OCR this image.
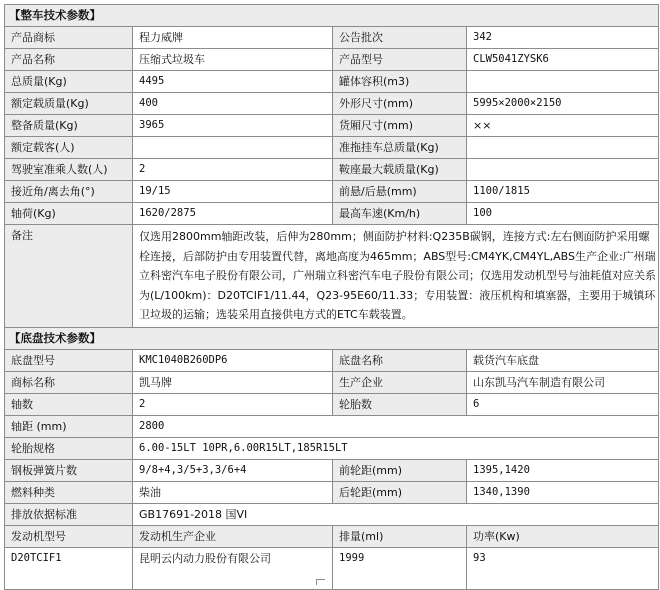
【整车技术参数】			
产品商标	程力威牌	公告批次	342
产品名称	压缩式垃圾车	产品型号	CLW5041ZYSK6
总质量(Kg)	4495	罐体容积(m3)	
额定载质量(Kg)	400	外形尺寸(mm)	5995×2000×2150
整备质量(Kg)	3965	货厢尺寸(mm)	××
额定载客(人)		准拖挂车总质量(Kg)	
驾驶室准乘人数(人)	2	鞍座最大载质量(Kg)	
接近角/离去角(°)	19/15	前悬/后悬(mm)	1100/1815
轴荷(Kg)	1620/2875	最高车速(Km/h)	100
备注	仅选用2800mm轴距改装，后伸为280mm；侧面防护材料:Q235B碳钢，连接方式:左右侧面防护采用螺栓连接，后部防护由专用装置代替，离地高度为465mm；ABS型号:CM4YK,CM4YL,ABS生产企业:广州瑞立科密汽车电子股份有限公司，广州瑞立科密汽车电子股份有限公司；仅选用发动机型号与油耗值对应关系为(L/100km)：D20TCIF1/11.44，Q23-95E60/11.33；专用装置：液压机构和填塞器，主要用于城镇环卫垃圾的运输；选装采用直接供电方式的ETC车载装置。		
【底盘技术参数】			
底盘型号	KMC1040B260DP6	底盘名称	载货汽车底盘
商标名称	凯马牌	生产企业	山东凯马汽车制造有限公司
轴数	2	轮胎数	6
轴距 (mm)	2800		
轮胎规格	6.00-15LT 10PR,6.00R15LT,185R15LT		
钢板弹簧片数	9/8+4,3/5+3,3/6+4	前轮距(mm)	1395,1420
燃料种类	柴油	后轮距(mm)	1340,1390
排放依据标准	GB17691-2018 国VI		
发动机型号	发动机生产企业	排量(ml)	功率(Kw)
D20TCIF1	昆明云内动力股份有限公司	1999	93
